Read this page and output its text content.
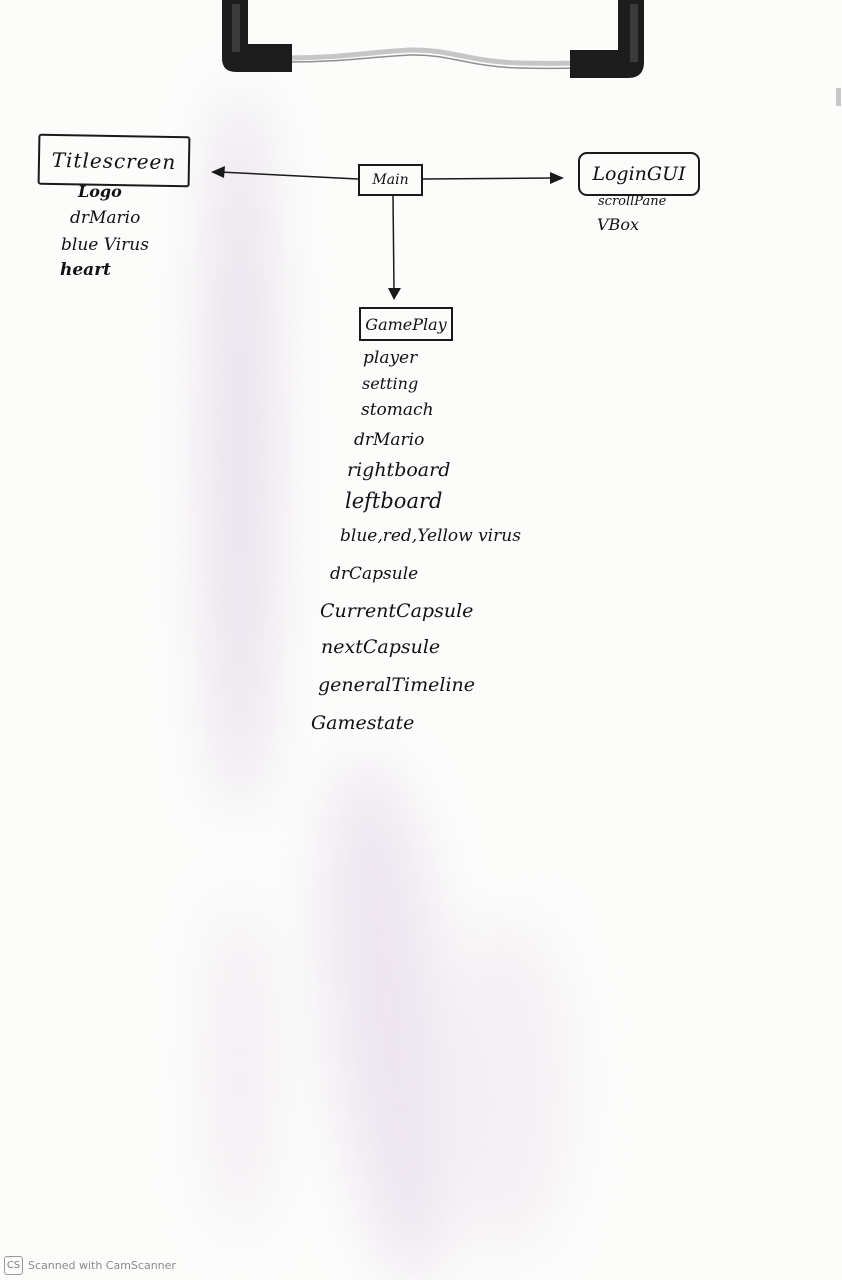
Titlescreen
Main	LoginGUI
GamePlay
Logo
drMario
blue Virus
heart
scrollPane
VBox
player
setting
stomach
drMario
rightboard
leftboard
blue,red,Yellow virus
drCapsule
CurrentCapsule
nextCapsule
generalTimeline
Gamestate
CS Scanned with CamScanner
